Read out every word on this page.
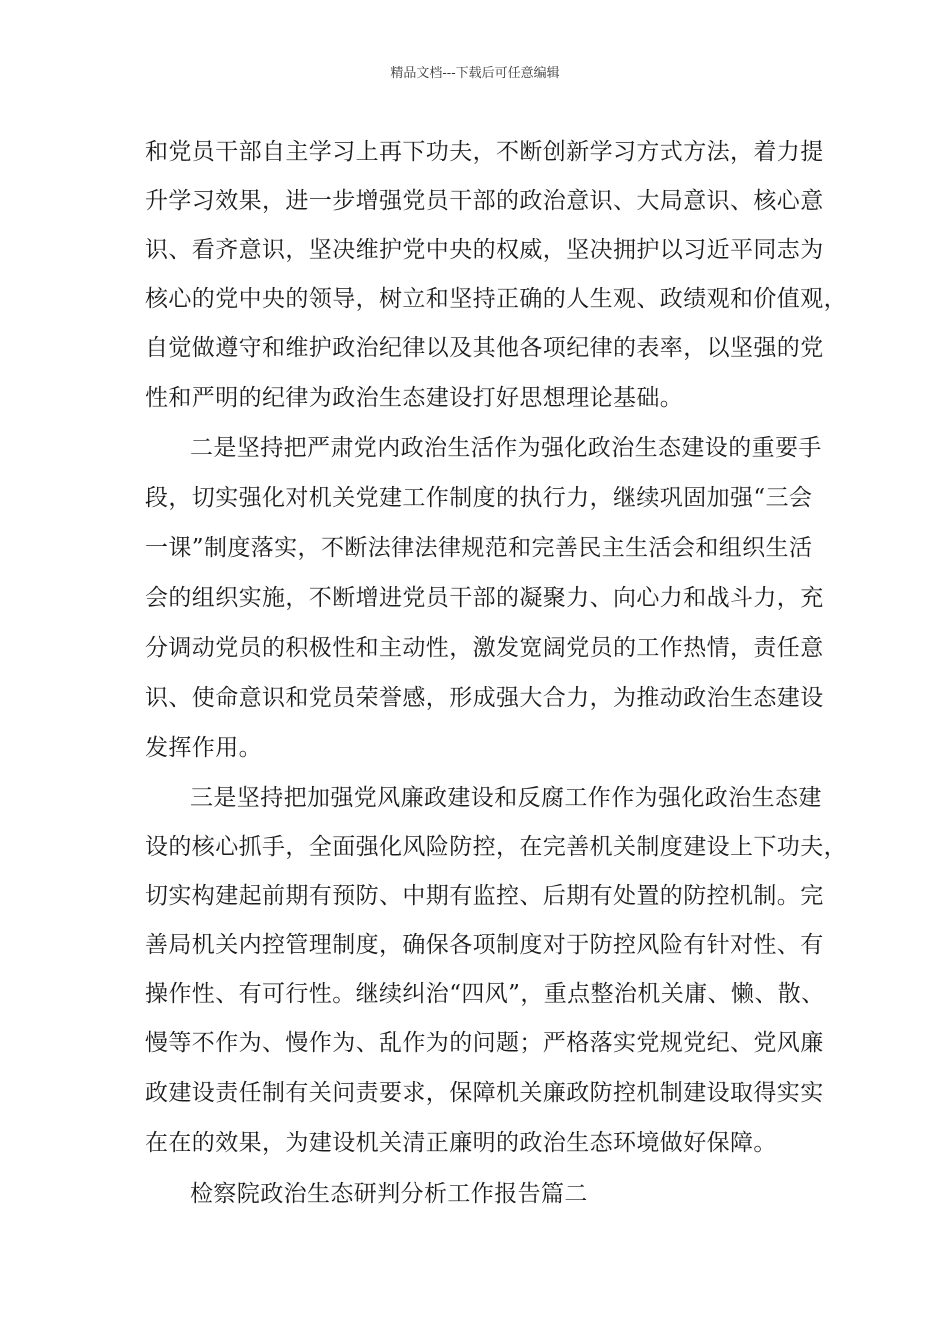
精品文档---下载后可任意编辑
和党员干部自主学习上再下功夫，不断创新学习方式方法，着力提
升学习效果，进一步增强党员干部的政治意识、大局意识、核心意
识、看齐意识，坚决维护党中央的权威，坚决拥护以习近平同志为
核心的党中央的领导，树立和坚持正确的人生观、政绩观和价值观，
自觉做遵守和维护政治纪律以及其他各项纪律的表率，以坚强的党
性和严明的纪律为政治生态建设打好思想理论基础。
二是坚持把严肃党内政治生活作为强化政治生态建设的重要手
段，切实强化对机关党建工作制度的执行力，继续巩固加强“三会
一课”制度落实，不断法律法律规范和完善民主生活会和组织生活
会的组织实施，不断增进党员干部的凝聚力、向心力和战斗力，充
分调动党员的积极性和主动性，激发宽阔党员的工作热情，责任意
识、使命意识和党员荣誉感，形成强大合力，为推动政治生态建设
发挥作用。
三是坚持把加强党风廉政建设和反腐工作作为强化政治生态建
设的核心抓手，全面强化风险防控，在完善机关制度建设上下功夫，
切实构建起前期有预防、中期有监控、后期有处置的防控机制。完
善局机关内控管理制度，确保各项制度对于防控风险有针对性、有
操作性、有可行性。继续纠治“四风”，重点整治机关庸、懒、散、
慢等不作为、慢作为、乱作为的问题；严格落实党规党纪、党风廉
政建设责任制有关问责要求，保障机关廉政防控机制建设取得实实
在在的效果，为建设机关清正廉明的政治生态环境做好保障。
检察院政治生态研判分析工作报告篇二
